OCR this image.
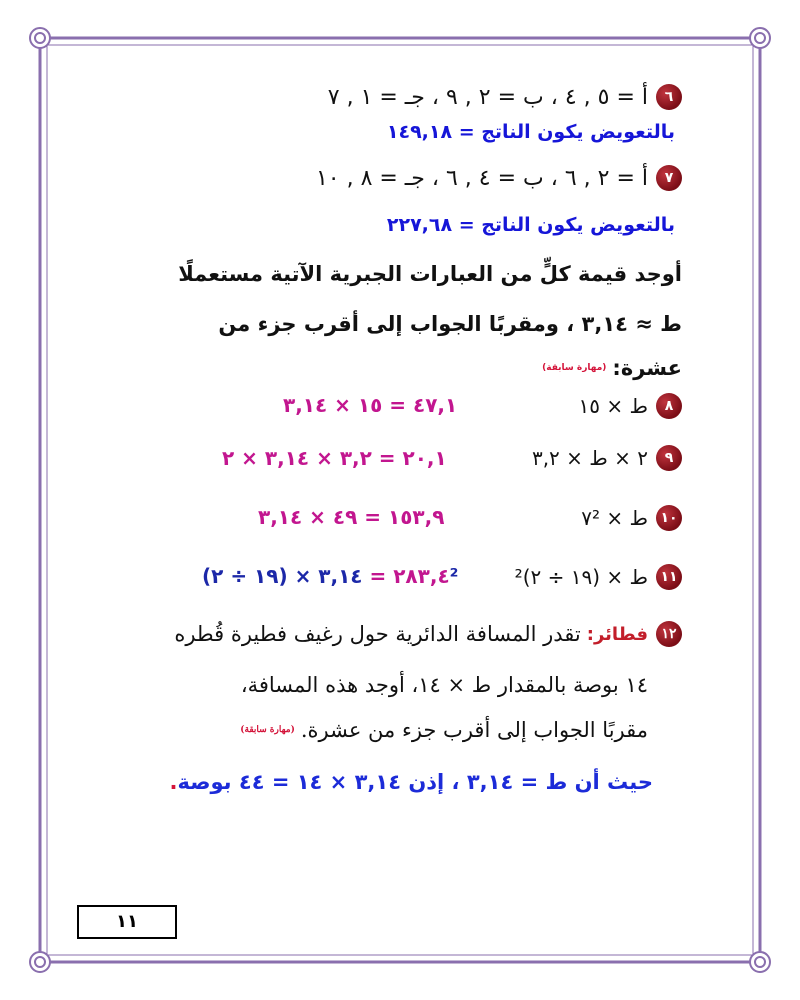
٦
أ = ٥ , ٤ ، ب = ٢ , ٩ ، جـ = ١ , ٧
بالتعويض يكون الناتج = ١٤٩,١٨
٧
أ = ٢ , ٦ ، ب = ٤ , ٦ ، جـ = ٨ , ١٠
بالتعويض يكون الناتج = ٢٢٧,٦٨
أوجد قيمة كلٍّ من العبارات الجبرية الآتية مستعملًا
ط ≈ ٣,١٤ ، ومقربًا الجواب إلى أقرب جزء من
عشرة:
(مهارة سابقة)
٨
ط × ١٥
٤٧,١ = ١٥ × ٣,١٤
٩
٢ × ط × ٣,٢
٢٠,١ = ٣,٢ × ٣,١٤ × ٢
١٠
ط × ٧²
١٥٣,٩ = ٤٩ × ٣,١٤
١١
ط × (١٩ ÷ ٢)²
٢٨٣,٤ = ٣,١٤ × (١٩ ÷ ٢)²
١٢
فطائر:
تقدر المسافة الدائرية حول رغيف فطيرة قُطره
١٤ بوصة بالمقدار ط × ١٤، أوجد هذه المسافة،
مقربًا الجواب إلى أقرب جزء من عشرة.
(مهارة سابقة)
حيث أن ط = ٣,١٤ ، إذن ٣,١٤ × ١٤ = ٤٤ بوصة.
١١
